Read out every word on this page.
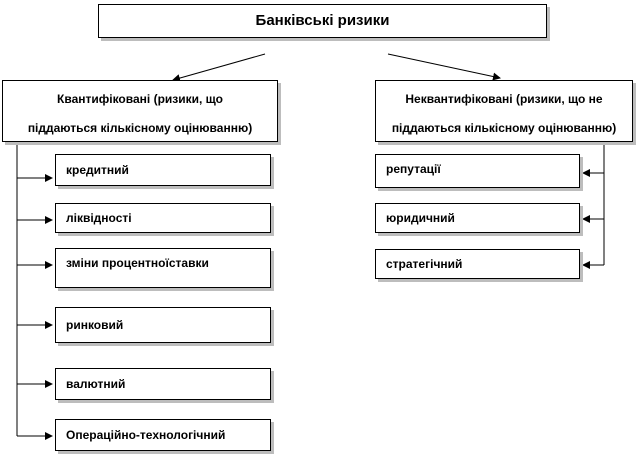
Банківські ризики
Квантифіковані (ризики, що
піддаються кількісному оцінюванню)
Неквантифіковані (ризики, що не
піддаються кількісному оцінюванню)
кредитний
ліквідності
зміни процентноїставки
ринковий
валютний
Операційно-технологічний
репутації
юридичний
стратегічний
